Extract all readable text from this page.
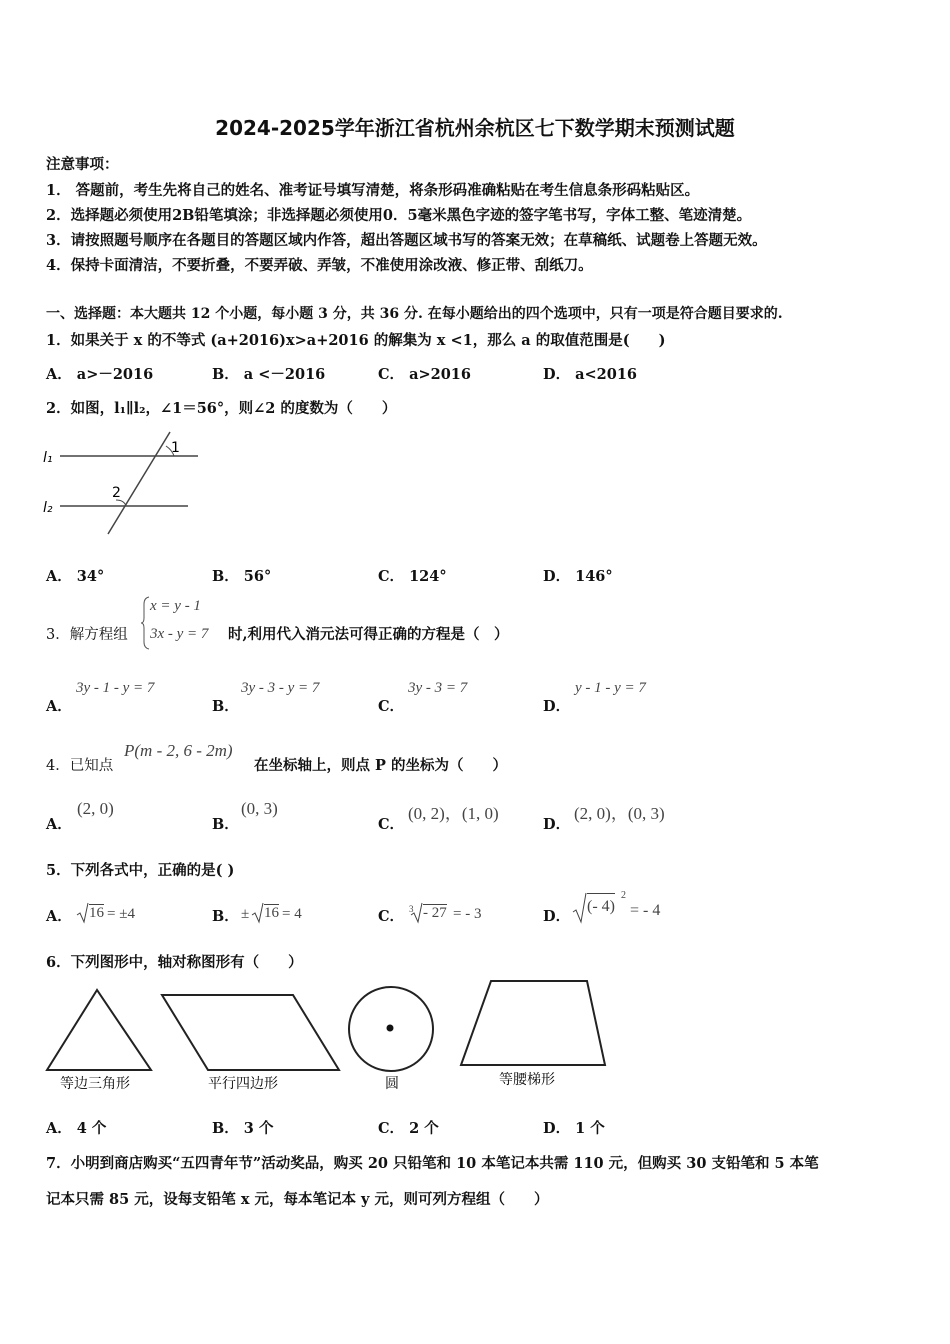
2024-2025学年浙江省杭州余杭区七下数学期末预测试题
注意事项：
1． 答题前，考生先将自己的姓名、准考证号填写清楚，将条形码准确粘贴在考生信息条形码粘贴区。
2．选择题必须使用2B铅笔填涂；非选择题必须使用0．5毫米黑色字迹的签字笔书写，字体工整、笔迹清楚。
3．请按照题号顺序在各题目的答题区域内作答，超出答题区域书写的答案无效；在草稿纸、试题卷上答题无效。
4．保持卡面清洁，不要折叠，不要弄破、弄皱，不准使用涂改液、修正带、刮纸刀。
一、选择题：本大题共 12 个小题，每小题 3 分，共 36 分. 在每小题给出的四个选项中，只有一项是符合题目要求的.
1．如果关于 x 的不等式 (a+2016)x>a+2016 的解集为 x <1，那么 a 的取值范围是(　　)
A． a>－2016	B． a <－2016	C． a>2016	D． a<2016
2．如图，l₁∥l₂，∠1＝56°，则∠2 的度数为（　　）
l₁
l₂
1
2
A． 34°	B． 56°	C． 124°	D． 146°
3．解方程组
x = y - 1
3x - y = 7 时,利用代入消元法可得正确的方程是（　）
A．
3y - 1 - y = 7
B．
3y - 3 - y = 7
C．
3y - 3 = 7
D．
y - 1 - y = 7
4．已知点
P(m - 2, 6 - 2m)
在坐标轴上，则点 P 的坐标为（　　）
A．
(2, 0)
B．
(0, 3)
C．
(0, 2)，(1, 0)
D．
(2, 0)，(0, 3)
5．下列各式中，正确的是( )
A． 16 = ±4	B． ± 16 = 4	C． 3 - 27 = - 3	D．
(- 4)
2
= - 4
6．下列图形中，轴对称图形有（　　）
等边三角形	平行四边形	圆	等腰梯形
A． 4 个	B． 3 个	C． 2 个	D． 1 个
7．小明到商店购买“五四青年节”活动奖品，购买 20 只铅笔和 10 本笔记本共需 110 元，但购买 30 支铅笔和 5 本笔
记本只需 85 元，设每支铅笔 x 元，每本笔记本 y 元，则可列方程组（　　）
